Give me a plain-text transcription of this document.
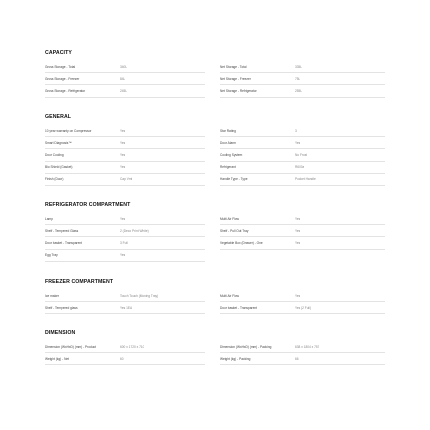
CAPACITY
Gross Storage - Total	340L
Gross Storage - Freezer	84L
Gross Storage - Refrigerator	245L
Net Storage - Total	335L
Net Storage - Freezer	75L
Net Storage - Refrigerator	255L
GENERAL
10 year warranty on Compressor	Yes
Smart Diagnosis™	Yes
Door Cooling	Yes
Bio Shield (Gasket)	Yes
Finish (Door)	Cap Vmt
Star Rating	3
Door Alarm	Yes
Cooling System	No Frost
Refrigerant	R600a
Handle Type - Type	Pocket Handle
REFRIGERATOR COMPARTMENT
Lamp	Yes
Shelf - Tempered Glass	2 (Deco Print White)
Door basket - Transparent	3 Full
Egg Tray	Yes
Multi Air Flow	Yes
Shelf - Pull Out Tray	Yes
Vegetable Box (Drawer) - One	Yes
FREEZER COMPARTMENT
Ice maker	Touch Touch (Moving Tray)
Shelf - Tempered glass	Yes 1EA
Multi Air Flow	Yes
Door basket - Transparent	Yes (2 Full)
DIMENSION
Dimension (WxHxD) (mm) - Product	600 x 1720 x 710
Weight (kg) - Net	60
Dimension (WxHxD) (mm) - Packing	638 x 1804 x 757
Weight (kg) - Packing	66
